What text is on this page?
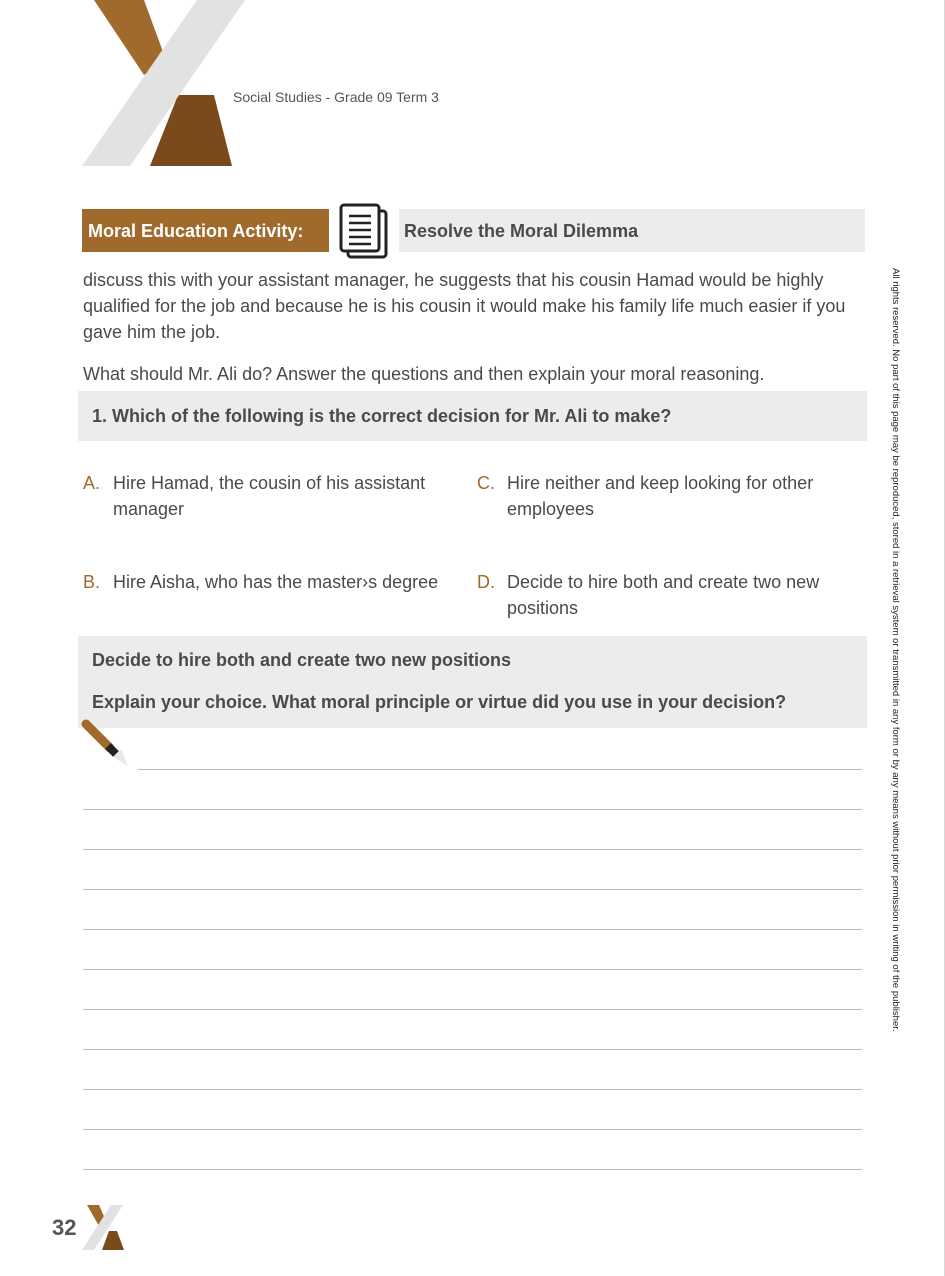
Social Studies - Grade 09 Term 3
Moral Education Activity:	Resolve the Moral Dilemma
discuss this with your assistant manager, he suggests that his cousin Hamad would be highly qualified for the job and because he is his cousin it would make his family life much easier if you gave him the job.
What should Mr. Ali do? Answer the questions and then explain your moral reasoning.
1. Which of the following is the correct decision for Mr. Ali to make?
A. Hire Hamad, the cousin of his assistant manager
C. Hire neither and keep looking for other employees
B. Hire Aisha, who has the master›s degree D. Decide to hire both and create two new positions
Decide to hire both and create two new positions
Explain your choice. What moral principle or virtue did you use in your decision?	All rights reserved. No part of this page may be reproduced, stored in a retrieval system or transmitted in any form or by any means without prior permission in writing of the publisher.
32
